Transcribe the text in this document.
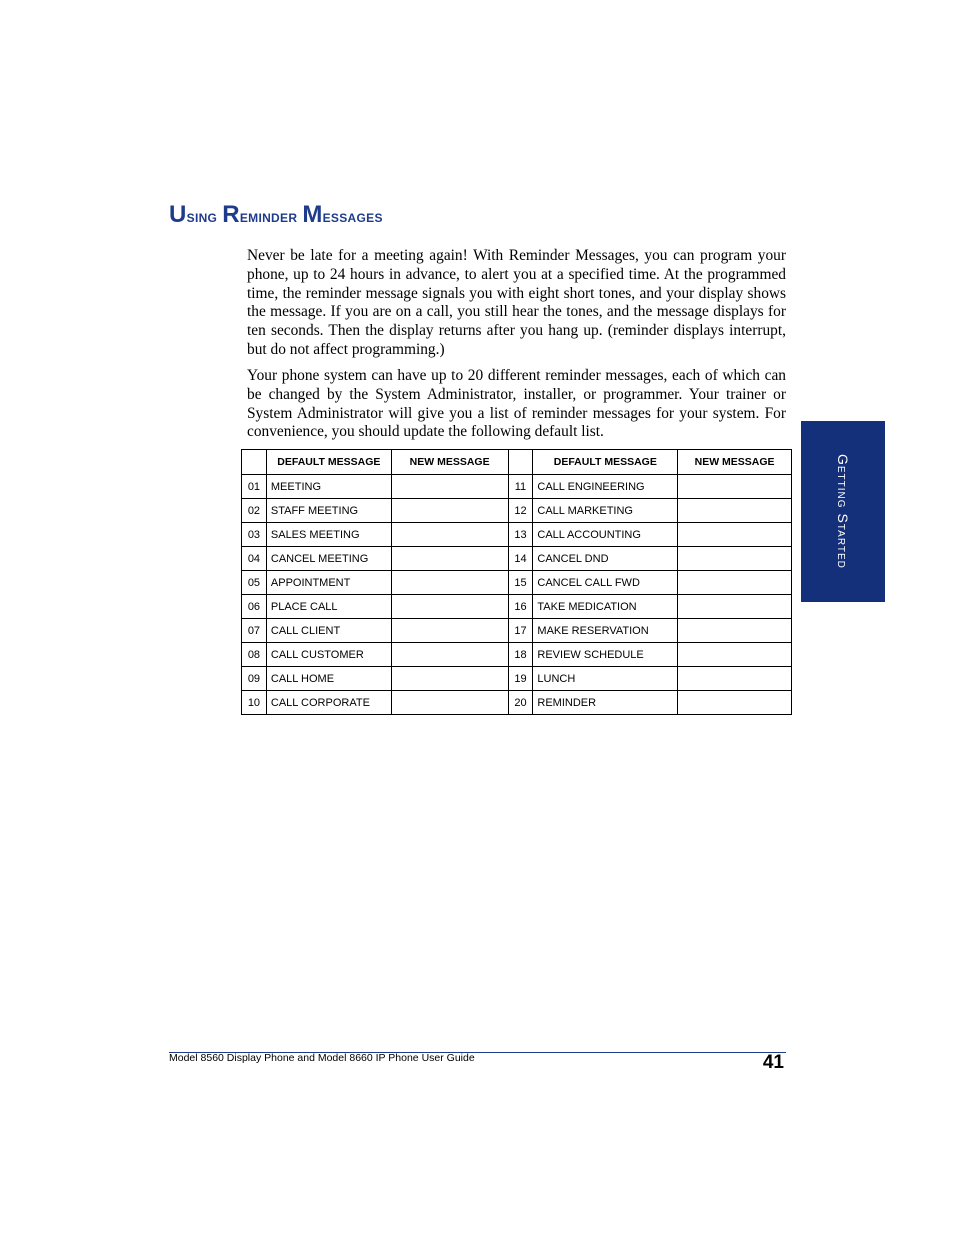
Using Reminder Messages

Never be late for a meeting again! With Reminder Messages, you can program your phone, up to 24 hours in advance, to alert you at a specified time. At the programmed time, the reminder message signals you with eight short tones, and your display shows the message. If you are on a call, you still hear the tones, and the message displays for ten seconds. Then the display returns after you hang up. (reminder displays interrupt, but do not affect programming.)

Your phone system can have up to 20 different reminder messages, each of which can be changed by the System Administrator, installer, or programmer. Your trainer or System Administrator will give you a list of reminder messages for your system. For convenience, you should update the following default list.

	DEFAULT MESSAGE	NEW MESSAGE		DEFAULT MESSAGE	NEW MESSAGE
01	MEETING		11	CALL ENGINEERING	
02	STAFF MEETING		12	CALL MARKETING	
03	SALES MEETING		13	CALL ACCOUNTING	
04	CANCEL MEETING		14	CANCEL DND	
05	APPOINTMENT		15	CANCEL CALL FWD	
06	PLACE CALL		16	TAKE MEDICATION	
07	CALL CLIENT		17	MAKE RESERVATION	
08	CALL CUSTOMER		18	REVIEW SCHEDULE	
09	CALL HOME		19	LUNCH	
10	CALL CORPORATE		20	REMINDER	
Getting Started
Model 8560 Display Phone and Model 8660 IP Phone User Guide	41
